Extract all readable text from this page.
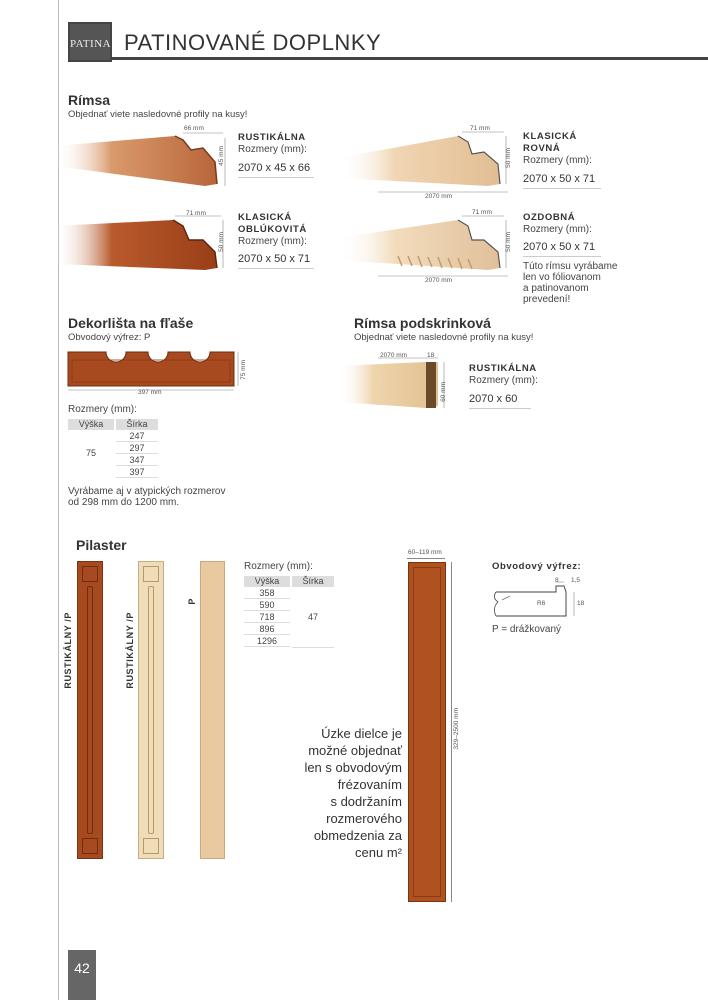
PATINA PATINOVANÉ DOPLNKY
Rímsa
Objednať viete nasledovné profily na kusy!
66 mm
45 mm
RUSTIKÁLNA
Rozmery (mm):
2070 x 45 x 66
71 mm
50 mm
2070 mm
KLASICKÁ
ROVNÁ
Rozmery (mm):
2070 x 50 x 71
71 mm
50 mm
KLASICKÁ
OBLÚKOVITÁ
Rozmery (mm):
2070 x 50 x 71
71 mm
50 mm
2070 mm
OZDOBNÁ
Rozmery (mm):
2070 x 50 x 71
Túto rímsu vyrábame
len vo fóliovanom
a patinovanom
prevedení!
Dekorlišta na fľaše
Obvodový výfrez: P
397 mm
75 mm
Rozmery (mm):
Výška	Šírka
75
247
297
347
397
Vyrábame aj v atypických rozmerov
od 298 mm do 1200 mm.
Rímsa podskrinková
Objednať viete nasledovné profily na kusy!
2070 mm	18
60 mm
RUSTIKÁLNA
Rozmery (mm):
2070 x 60
Pilaster
RUSTIKÁLNY /P	RUSTIKÁLNY /P
P
Rozmery (mm):
Výška	Šírka
358
590
718
896
1296
47
60–119 mm
329–2500 mm
Úzke dielce je
možné objednať
len s obvodovým
frézovaním
s dodržaním
rozmerového
obmedzenia za
cenu m²
Obvodový výfrez:
8 1,5
R6	18
P = drážkovaný
42
